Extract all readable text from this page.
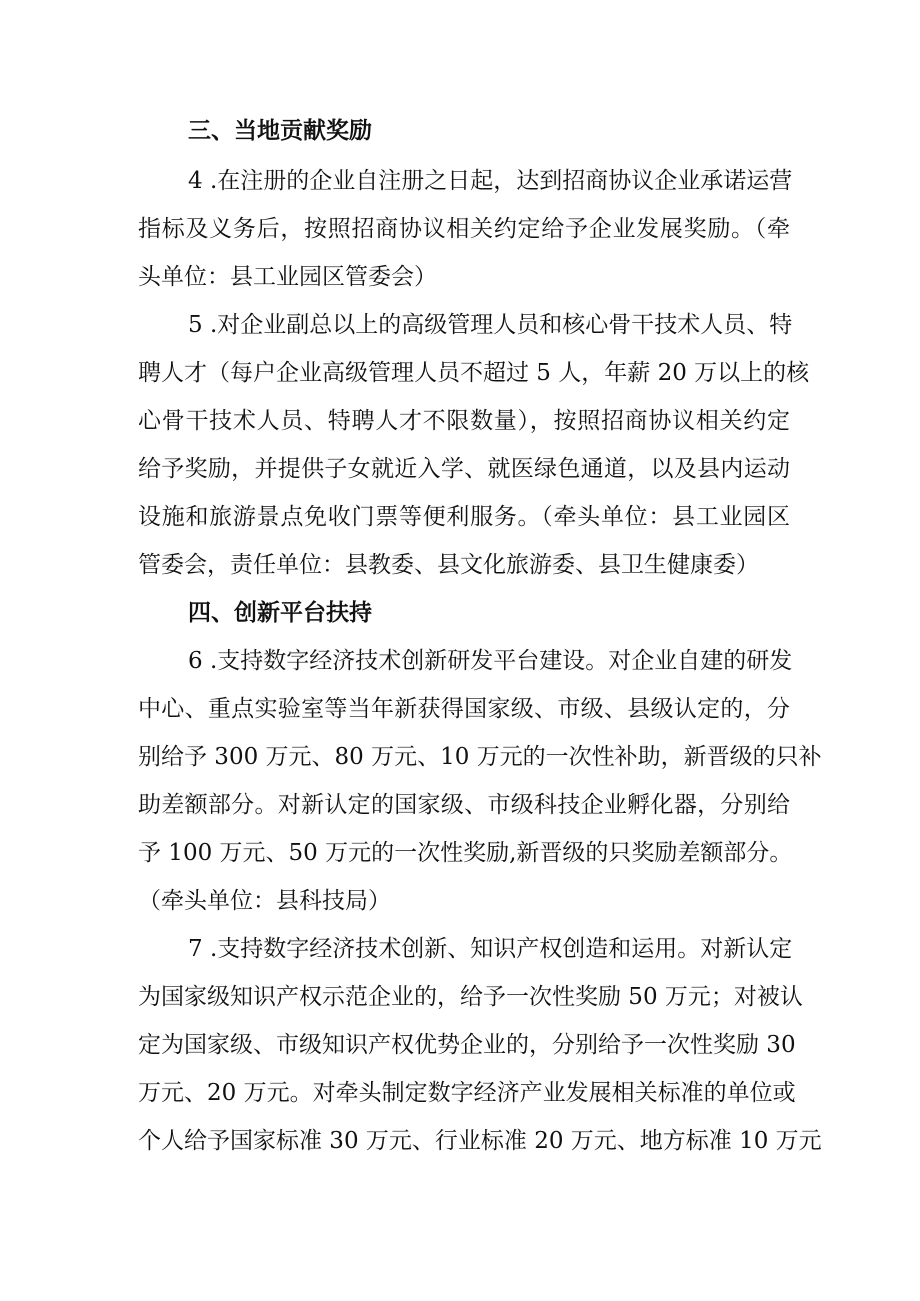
三、当地贡献奖励
4 .在注册的企业自注册之日起，达到招商协议企业承诺运营
指标及义务后，按照招商协议相关约定给予企业发展奖励。（牵
头单位：县工业园区管委会）
5 .对企业副总以上的高级管理人员和核心骨干技术人员、特
聘人才（每户企业高级管理人员不超过 5 人，年薪 20 万以上的核
心骨干技术人员、特聘人才不限数量），按照招商协议相关约定
给予奖励，并提供子女就近入学、就医绿色通道，以及县内运动
设施和旅游景点免收门票等便利服务。（牵头单位：县工业园区
管委会，责任单位：县教委、县文化旅游委、县卫生健康委）
四、创新平台扶持
6 .支持数字经济技术创新研发平台建设。对企业自建的研发
中心、重点实验室等当年新获得国家级、市级、县级认定的，分
别给予 300 万元、80 万元、10 万元的一次性补助，新晋级的只补
助差额部分。对新认定的国家级、市级科技企业孵化器，分别给
予 100 万元、50 万元的一次性奖励,新晋级的只奖励差额部分。
（牵头单位：县科技局）
7 .支持数字经济技术创新、知识产权创造和运用。对新认定
为国家级知识产权示范企业的，给予一次性奖励 50 万元；对被认
定为国家级、市级知识产权优势企业的，分别给予一次性奖励 30
万元、20 万元。对牵头制定数字经济产业发展相关标准的单位或
个人给予国家标准 30 万元、行业标准 20 万元、地方标准 10 万元
